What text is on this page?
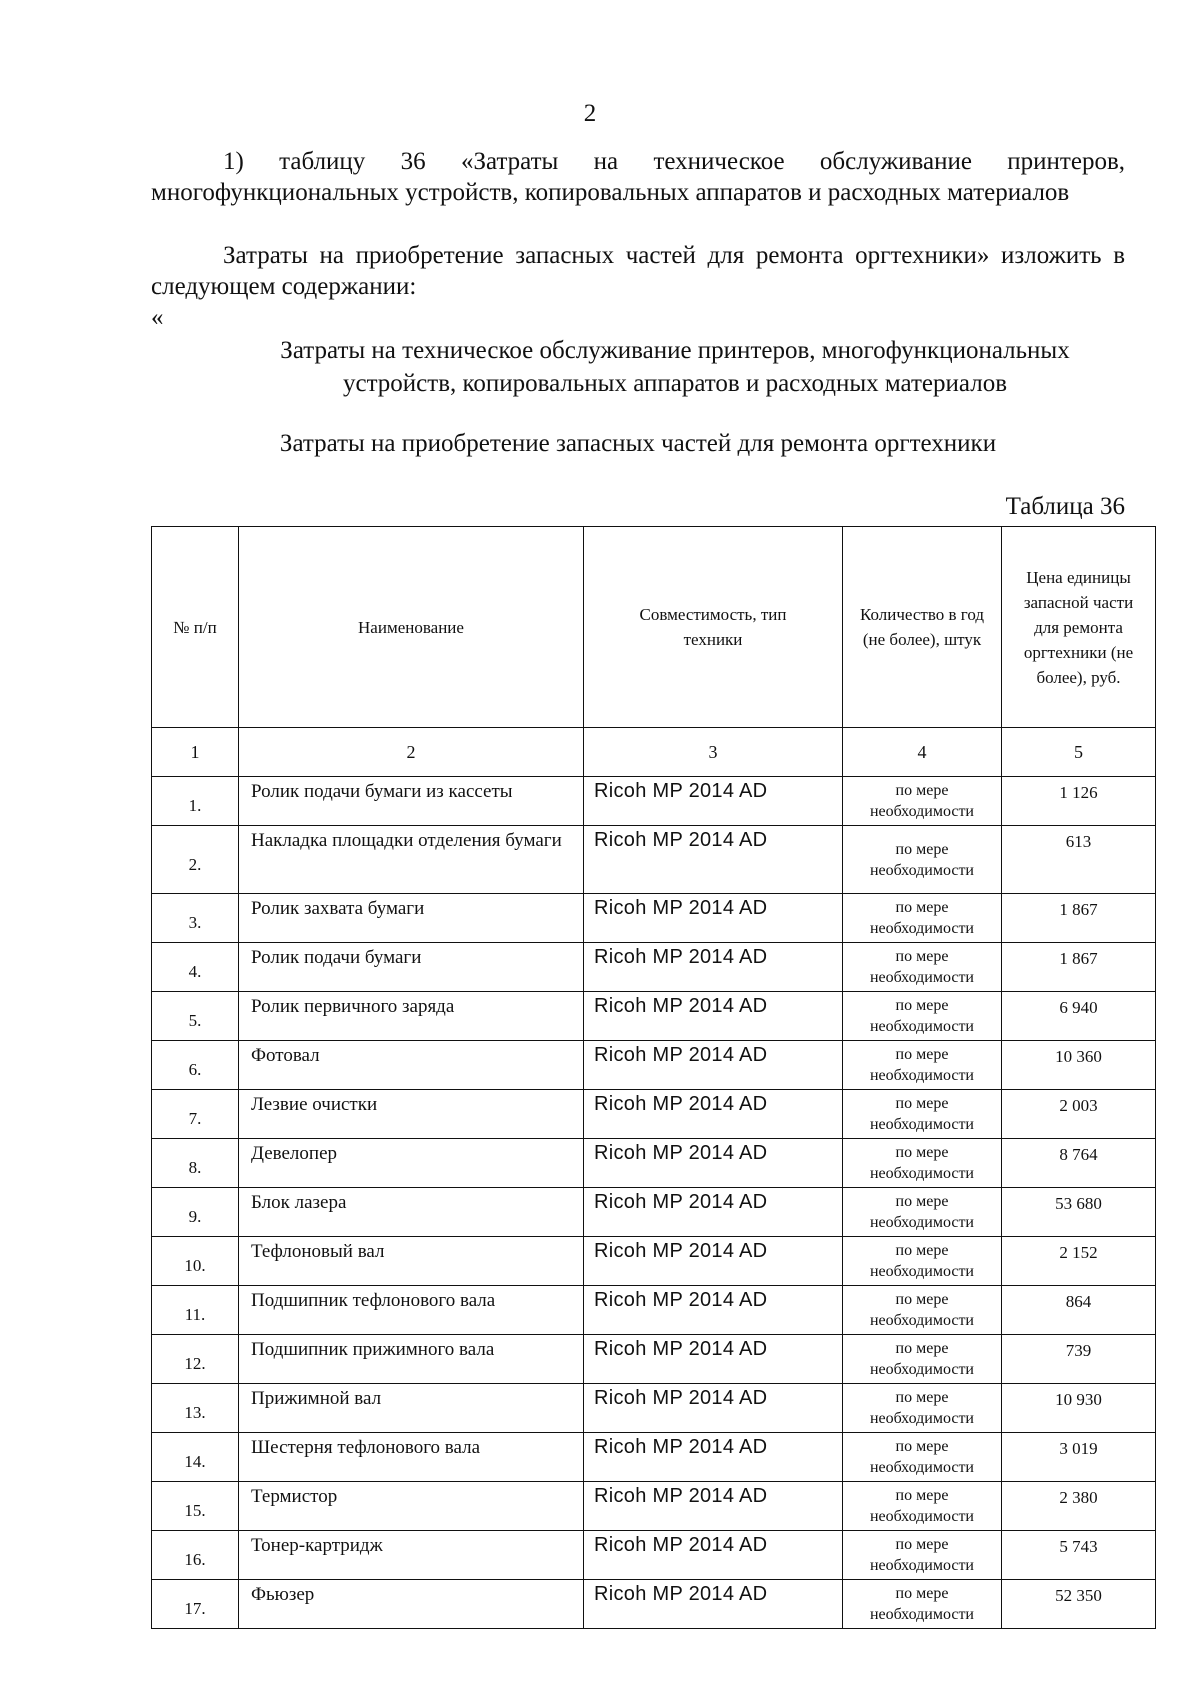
2

1) таблицу 36 «Затраты на техническое обслуживание принтеров, многофункциональных устройств, копировальных аппаратов и расходных материалов

Затраты на приобретение запасных частей для ремонта оргтехники» изложить в следующем содержании:

«
Затраты на техническое обслуживание принтеров, многофункциональных
устройств, копировальных аппаратов и расходных материалов
Затраты на приобретение запасных частей для ремонта оргтехники
Таблица 36
№ п/п	Наименование	Совместимость, тип техники	Количество в год (не более), штук	Цена единицы запасной части для ремонта оргтехники (не более), руб.
1	2	3	4	5
1.	Ролик подачи бумаги из кассеты	Ricoh MP 2014 AD	по мере необходимости	1 126
2.	Накладка площадки отделения бумаги	Ricoh MP 2014 AD	по мере необходимости	613
3.	Ролик захвата бумаги	Ricoh MP 2014 AD	по мере необходимости	1 867
4.	Ролик подачи бумаги	Ricoh MP 2014 AD	по мере необходимости	1 867
5.	Ролик первичного заряда	Ricoh MP 2014 AD	по мере необходимости	6 940
6.	Фотовал	Ricoh MP 2014 AD	по мере необходимости	10 360
7.	Лезвие очистки	Ricoh MP 2014 AD	по мере необходимости	2 003
8.	Девелопер	Ricoh MP 2014 AD	по мере необходимости	8 764
9.	Блок лазера	Ricoh MP 2014 AD	по мере необходимости	53 680
10.	Тефлоновый вал	Ricoh MP 2014 AD	по мере необходимости	2 152
11.	Подшипник тефлонового вала	Ricoh MP 2014 AD	по мере необходимости	864
12.	Подшипник прижимного вала	Ricoh MP 2014 AD	по мере необходимости	739
13.	Прижимной вал	Ricoh MP 2014 AD	по мере необходимости	10 930
14.	Шестерня тефлонового вала	Ricoh MP 2014 AD	по мере необходимости	3 019
15.	Термистор	Ricoh MP 2014 AD	по мере необходимости	2 380
16.	Тонер-картридж	Ricoh MP 2014 AD	по мере необходимости	5 743
17.	Фьюзер	Ricoh MP 2014 AD	по мере необходимости	52 350
